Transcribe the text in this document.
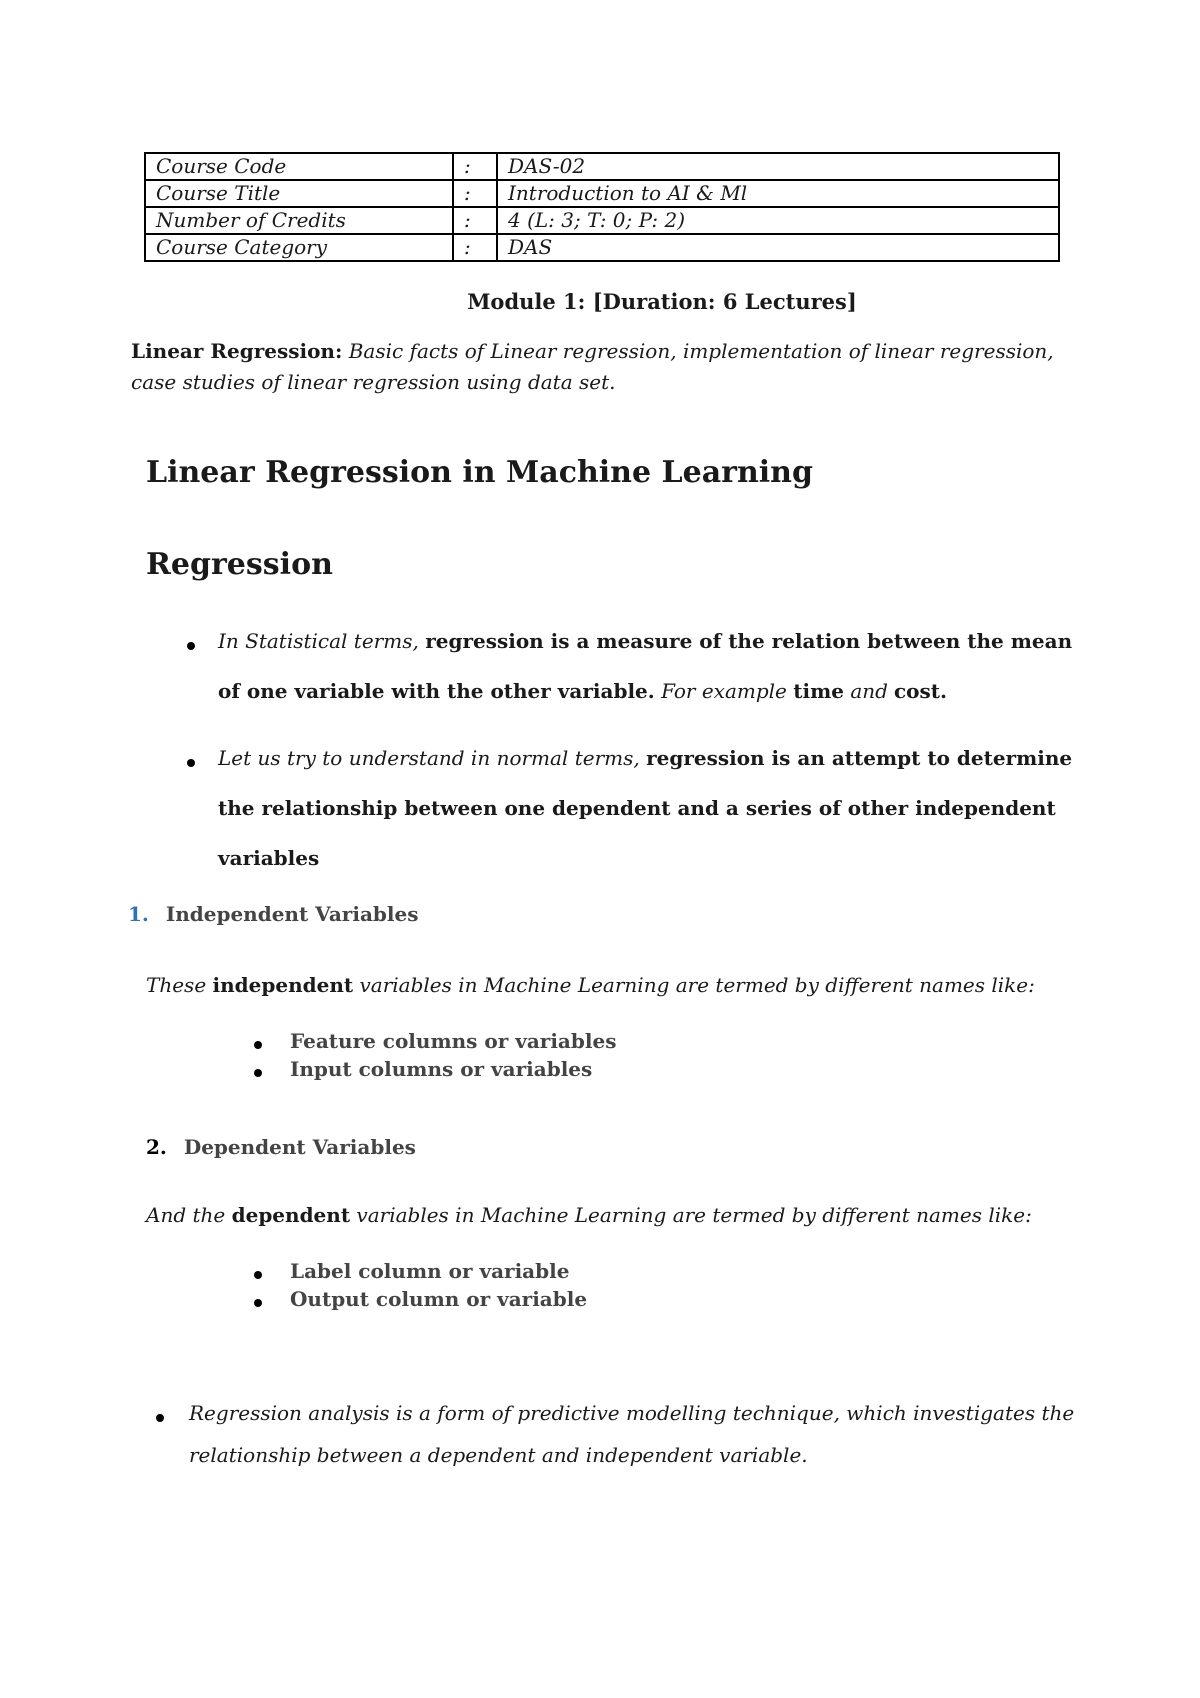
Course Code	:	DAS-02
Course Title	:	Introduction to AI & Ml
Number of Credits	:	4 (L: 3; T: 0; P: 2)
Course Category	:	DAS
Module 1: [Duration: 6 Lectures]
Linear Regression: Basic facts of Linear regression, implementation of linear regression,
case studies of linear regression using data set.
Linear Regression in Machine Learning
Regression
In Statistical terms, regression is a measure of the relation between the mean
of one variable with the other variable. For example time and cost.
Let us try to understand in normal terms, regression is an attempt to determine
the relationship between one dependent and a series of other independent
variables
1. Independent Variables
These independent variables in Machine Learning are termed by different names like:
Feature columns or variables
Input columns or variables
2. Dependent Variables
And the dependent variables in Machine Learning are termed by different names like:
Label column or variable
Output column or variable
Regression analysis is a form of predictive modelling technique, which investigates the
relationship between a dependent and independent variable.
